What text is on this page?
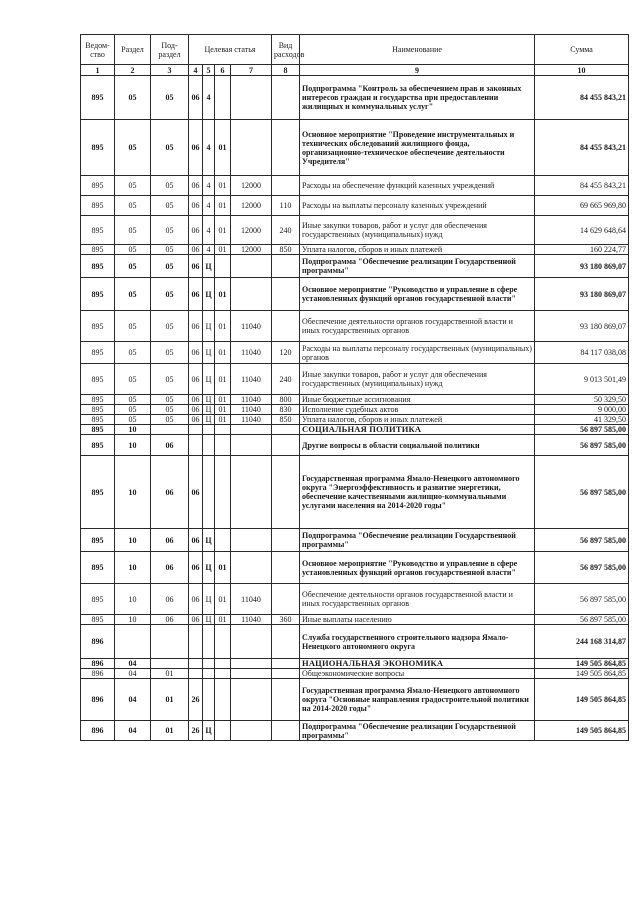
Ведом-ство	Раздел	Под-раздел	Целевая статья				Вид расходов	Наименование	Сумма
1	2	3	4	5	6	7	8	9	10
895	05	05	06	4				Подпрограмма "Контроль за обеспечением прав и законных интересов граждан и государства при предоставлении жилищных и коммунальных услуг"	84 455 843,21
895	05	05	06	4	01			Основное мероприятие "Проведение инструментальных и технических обследований жилищного фонда, организационно-техническое обеспечение деятельности Учредителя"	84 455 843,21
895	05	05	06	4	01	12000		Расходы на обеспечение функций казенных учреждений	84 455 843,21
895	05	05	06	4	01	12000	110	Расходы на выплаты персоналу казенных учреждений	69 665 969,80
895	05	05	06	4	01	12000	240	Иные закупки товаров, работ и услуг для обеспечения государственных (муниципальных) нужд	14 629 648,64
895	05	05	06	4	01	12000	850	Уплата налогов, сборов и иных платежей	160 224,77
895	05	05	06	Ц				Подпрограмма "Обеспечение реализации Государственной программы"	93 180 869,07
895	05	05	06	Ц	01			Основное мероприятие "Руководство и управление в сфере установленных функций органов государственной власти"	93 180 869,07
895	05	05	06	Ц	01	11040		Обеспечение деятельности органов государственной власти и иных государственных органов	93 180 869,07
895	05	05	06	Ц	01	11040	120	Расходы на выплаты персоналу государственных (муниципальных) органов	84 117 038,08
895	05	05	06	Ц	01	11040	240	Иные закупки товаров, работ и услуг для обеспечения государственных (муниципальных) нужд	9 013 501,49
895	05	05	06	Ц	01	11040	800	Иные бюджетные ассигнования	50 329,50
895	05	05	06	Ц	01	11040	830	Исполнение судебных актов	9 000,00
895	05	05	06	Ц	01	11040	850	Уплата налогов, сборов и иных платежей	41 329,50
895	10							СОЦИАЛЬНАЯ ПОЛИТИКА	56 897 585,00
895	10	06						Другие вопросы в области социальной политики	56 897 585,00
895	10	06	06					Государственная программа Ямало-Ненецкого автономного округа "Энергоэффективность и развитие энергетики, обеспечение качественными жилищно-коммунальными услугами населения на 2014-2020 годы"	56 897 585,00
895	10	06	06	Ц				Подпрограмма "Обеспечение реализации Государственной программы"	56 897 585,00
895	10	06	06	Ц	01			Основное мероприятие "Руководство и управление в сфере установленных функций органов государственной власти"	56 897 585,00
895	10	06	06	Ц	01	11040		Обеспечение деятельности органов государственной власти и иных государственных органов	56 897 585,00
895	10	06	06	Ц	01	11040	360	Иные выплаты населению	56 897 585,00
896								Служба государственного строительного надзора Ямало-Ненецкого автономного округа	244 168 314,87
896	04							НАЦИОНАЛЬНАЯ ЭКОНОМИКА	149 505 864,85
896	04	01						Общеэкономические вопросы	149 505 864,85
896	04	01	26					Государственная программа Ямало-Ненецкого автономного округа "Основные направления градостроительной политики на 2014-2020 годы"	149 505 864,85
896	04	01	26	Ц				Подпрограмма "Обеспечение реализации Государственной программы"	149 505 864,85
